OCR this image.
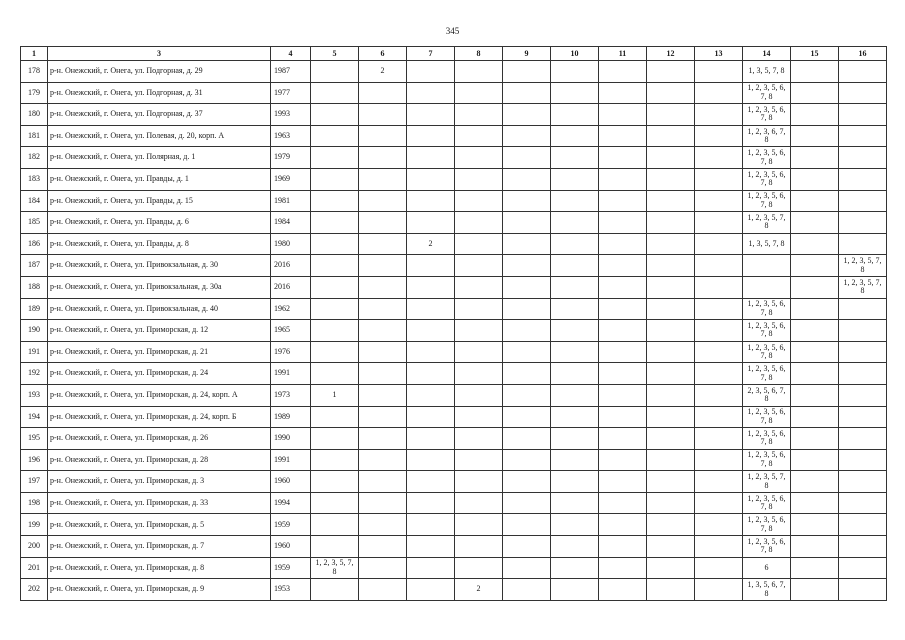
345
1	3	4	5	6	7	8	9	10	11	12	13	14	15	16
178	р-н. Онежский, г. Онега, ул. Подгорная, д. 29	1987		2								1, 3, 5, 7, 8		
179	р-н. Онежский, г. Онега, ул. Подгорная, д. 31	1977										1, 2, 3, 5, 6, 7, 8		
180	р-н. Онежский, г. Онега, ул. Подгорная, д. 37	1993										1, 2, 3, 5, 6, 7, 8		
181	р-н. Онежский, г. Онега, ул. Полевая, д. 20, корп. А	1963										1, 2, 3, 6, 7, 8		
182	р-н. Онежский, г. Онега, ул. Полярная, д. 1	1979										1, 2, 3, 5, 6, 7, 8		
183	р-н. Онежский, г. Онега, ул. Правды, д. 1	1969										1, 2, 3, 5, 6, 7, 8		
184	р-н. Онежский, г. Онега, ул. Правды, д. 15	1981										1, 2, 3, 5, 6, 7, 8		
185	р-н. Онежский, г. Онега, ул. Правды, д. 6	1984										1, 2, 3, 5, 7, 8		
186	р-н. Онежский, г. Онега, ул. Правды, д. 8	1980			2							1, 3, 5, 7, 8		
187	р-н. Онежский, г. Онега, ул. Привокзальная, д. 30	2016												1, 2, 3, 5, 7, 8
188	р-н. Онежский, г. Онега, ул. Привокзальная, д. 30а	2016												1, 2, 3, 5, 7, 8
189	р-н. Онежский, г. Онега, ул. Привокзальная, д. 40	1962										1, 2, 3, 5, 6, 7, 8		
190	р-н. Онежский, г. Онега, ул. Приморская, д. 12	1965										1, 2, 3, 5, 6, 7, 8		
191	р-н. Онежский, г. Онега, ул. Приморская, д. 21	1976										1, 2, 3, 5, 6, 7, 8		
192	р-н. Онежский, г. Онега, ул. Приморская, д. 24	1991										1, 2, 3, 5, 6, 7, 8		
193	р-н. Онежский, г. Онега, ул. Приморская, д. 24, корп. А	1973	1									2, 3, 5, 6, 7, 8		
194	р-н. Онежский, г. Онега, ул. Приморская, д. 24, корп. Б	1989										1, 2, 3, 5, 6, 7, 8		
195	р-н. Онежский, г. Онега, ул. Приморская, д. 26	1990										1, 2, 3, 5, 6, 7, 8		
196	р-н. Онежский, г. Онега, ул. Приморская, д. 28	1991										1, 2, 3, 5, 6, 7, 8		
197	р-н. Онежский, г. Онега, ул. Приморская, д. 3	1960										1, 2, 3, 5, 7, 8		
198	р-н. Онежский, г. Онега, ул. Приморская, д. 33	1994										1, 2, 3, 5, 6, 7, 8		
199	р-н. Онежский, г. Онега, ул. Приморская, д. 5	1959										1, 2, 3, 5, 6, 7, 8		
200	р-н. Онежский, г. Онега, ул. Приморская, д. 7	1960										1, 2, 3, 5, 6, 7, 8		
201	р-н. Онежский, г. Онега, ул. Приморская, д. 8	1959	1, 2, 3, 5, 7, 8									6		
202	р-н. Онежский, г. Онега, ул. Приморская, д. 9	1953				2						1, 3, 5, 6, 7, 8		
